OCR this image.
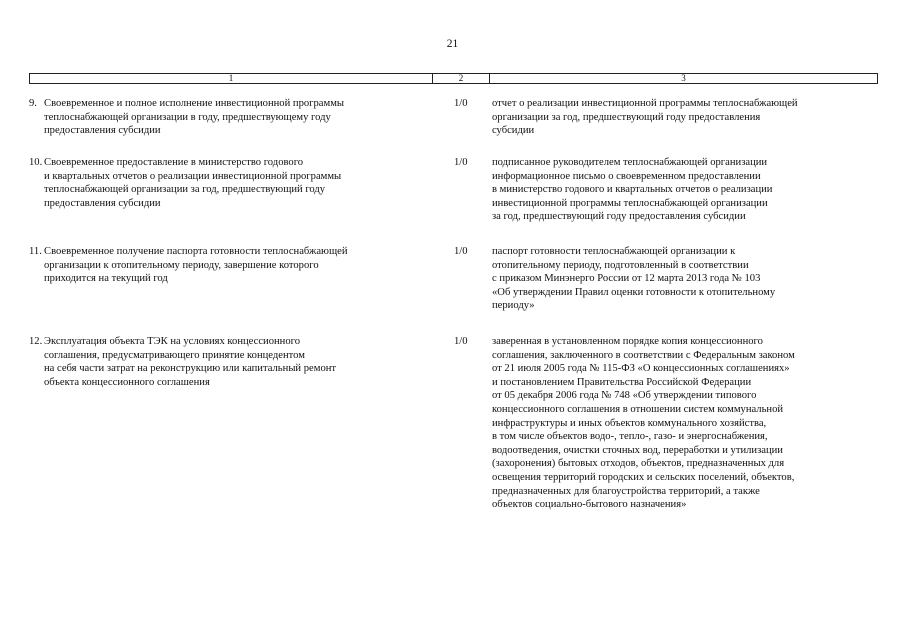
21
1	2	3
9. Своевременное и полное исполнение инвестиционной программы
теплоснабжающей организации в году, предшествующему году
предоставления субсидии
1/0 отчет о реализации инвестиционной программы теплоснабжающей
организации за год, предшествующий году предоставления
субсидии
10. Своевременное предоставление в министерство годового
и квартальных отчетов о реализации инвестиционной программы
теплоснабжающей организации за год, предшествующий году
предоставления субсидии
1/0 подписанное руководителем теплоснабжающей организации
информационное письмо о своевременном предоставлении
в министерство годового и квартальных отчетов о реализации
инвестиционной программы теплоснабжающей организации
за год, предшествующий году предоставления субсидии
11. Своевременное получение паспорта готовности теплоснабжающей
организации к отопительному периоду, завершение которого
приходится на текущий год
1/0 паспорт готовности теплоснабжающей организации к
отопительному периоду, подготовленный в соответствии
с приказом Минэнерго России от 12 марта 2013 года № 103
«Об утверждении Правил оценки готовности к отопительному
периоду»
12. Эксплуатация объекта ТЭК на условиях концессионного
соглашения, предусматривающего принятие концедентом
на себя части затрат на реконструкцию или капитальный ремонт
объекта концессионного соглашения
1/0 заверенная в установленном порядке копия концессионного
соглашения, заключенного в соответствии с Федеральным законом
от 21 июля 2005 года № 115-ФЗ «О концессионных соглашениях»
и постановлением Правительства Российской Федерации
от 05 декабря 2006 года № 748 «Об утверждении типового
концессионного соглашения в отношении систем коммунальной
инфраструктуры и иных объектов коммунального хозяйства,
в том числе объектов водо-, тепло-, газо- и энергоснабжения,
водоотведения, очистки сточных вод, переработки и утилизации
(захоронения) бытовых отходов, объектов, предназначенных для
освещения территорий городских и сельских поселений, объектов,
предназначенных для благоустройства территорий, а также
объектов социально-бытового назначения»
